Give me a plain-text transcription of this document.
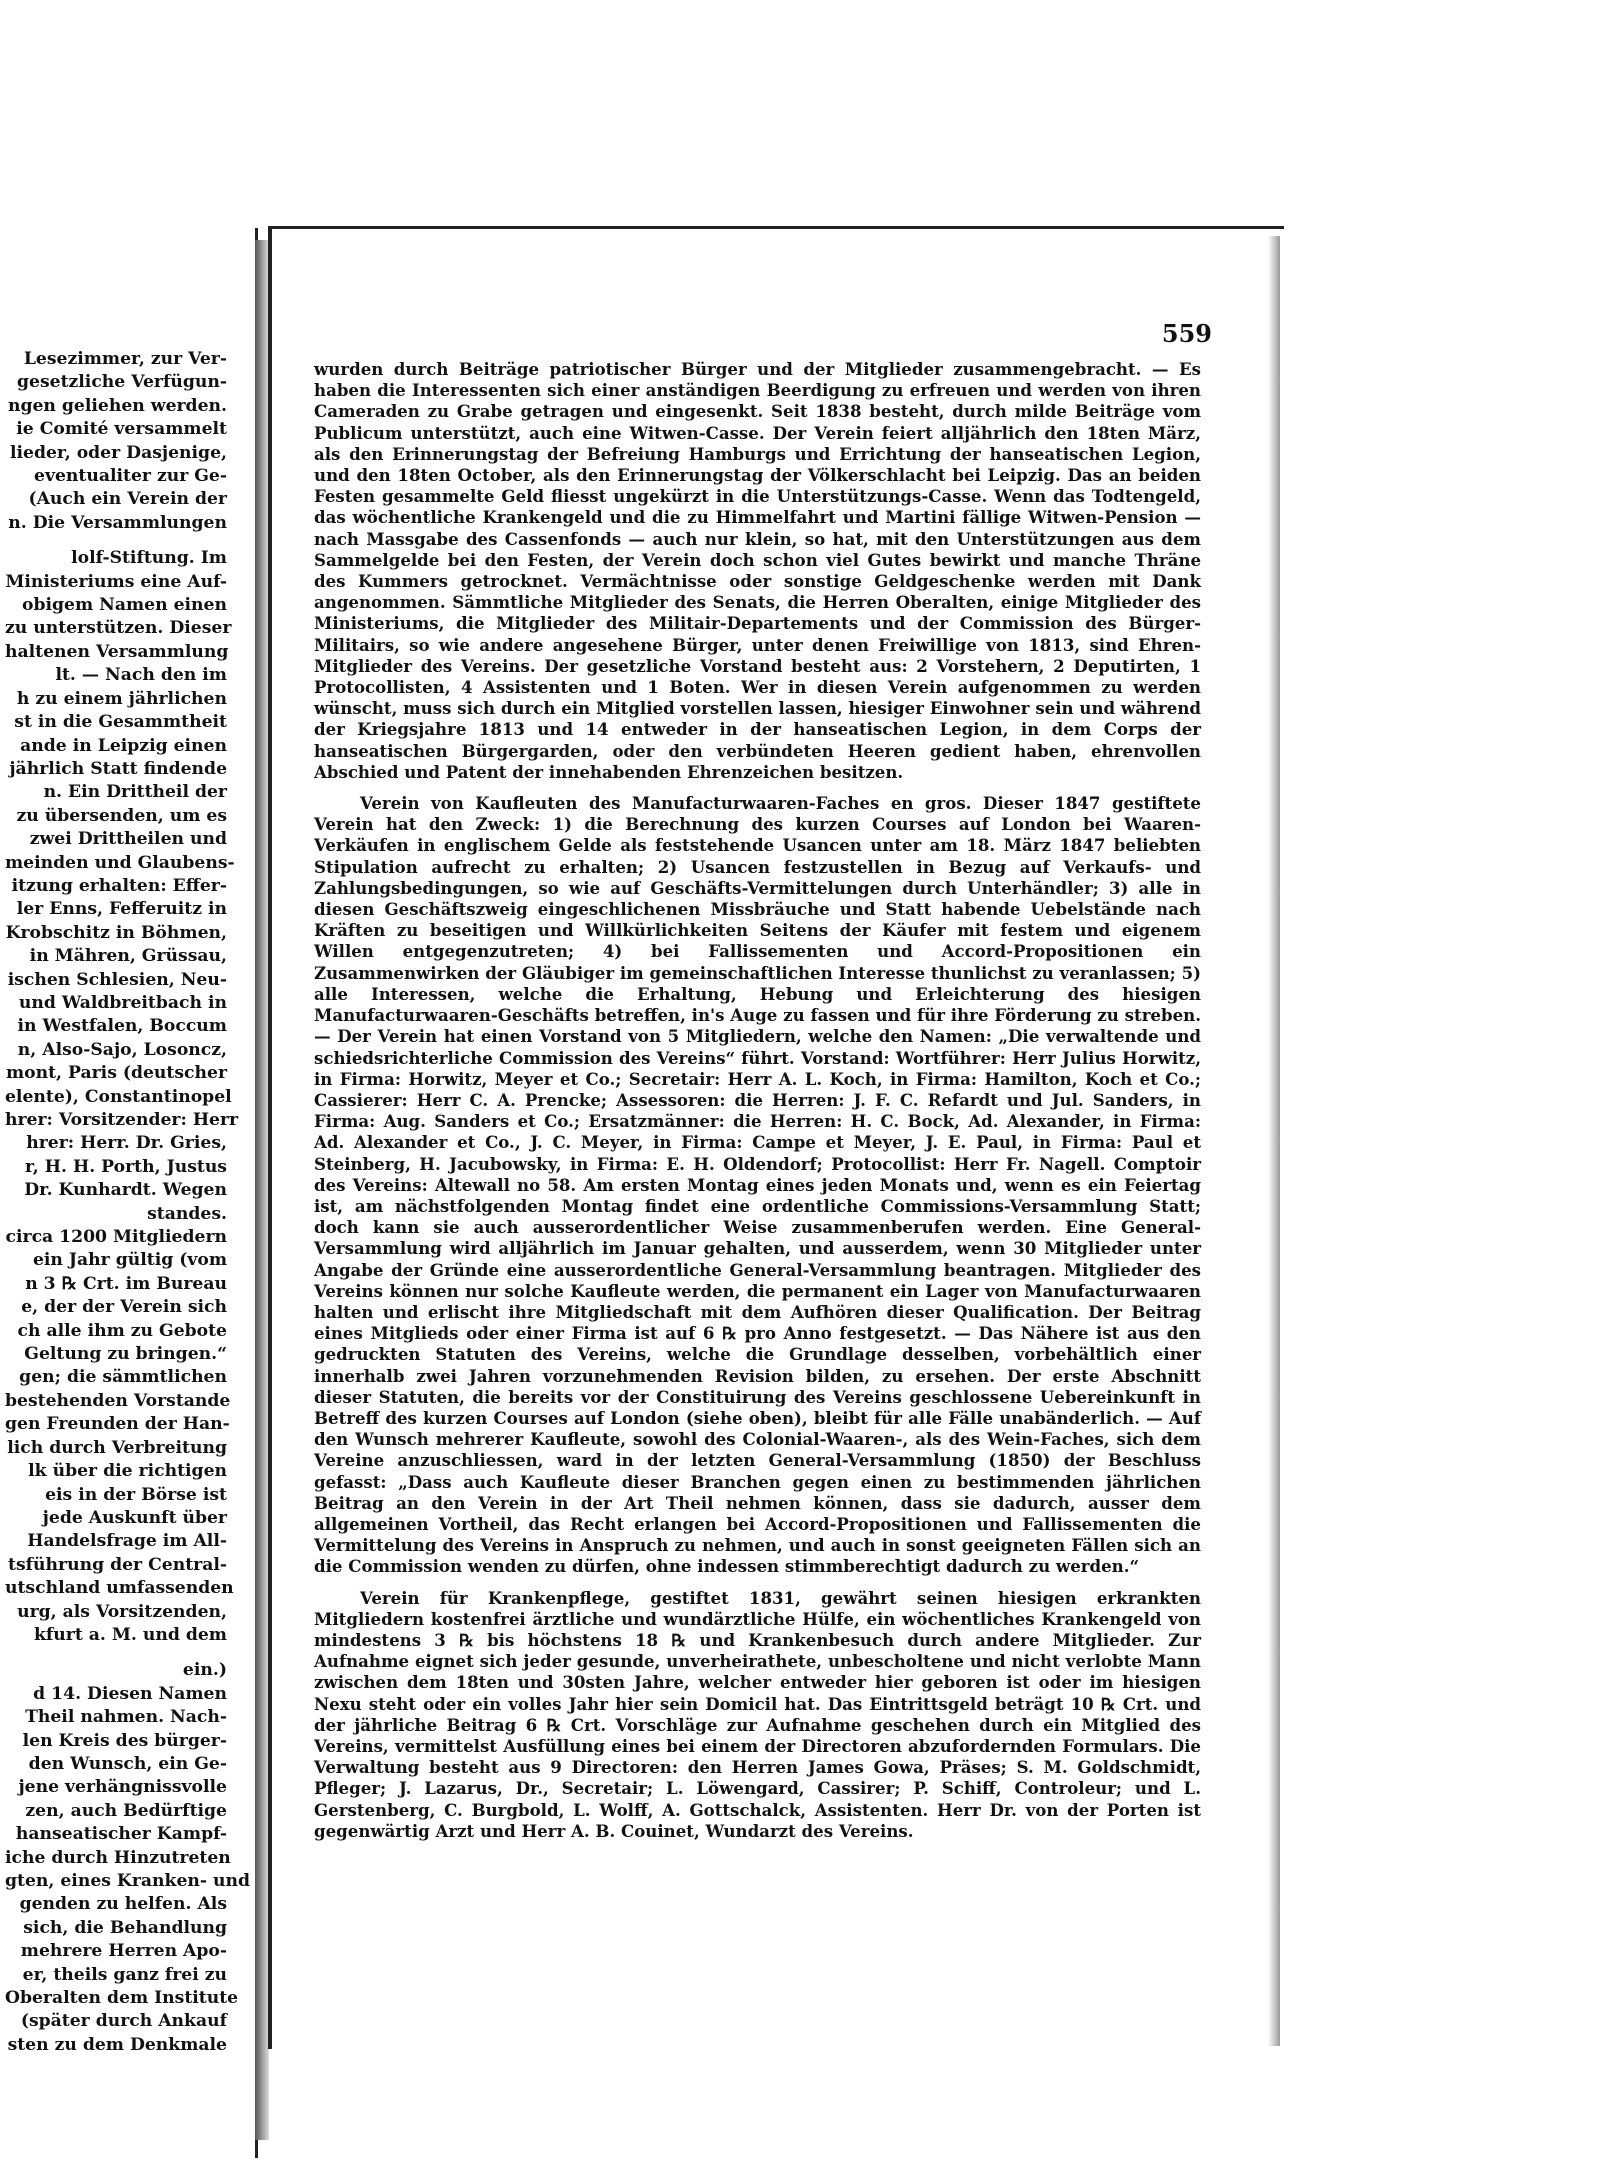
Lesezimmer, zur Ver-
gesetzliche Verfügun-
ngen geliehen werden.
ie Comité versammelt
lieder, oder Dasjenige,
eventualiter zur Ge-
(Auch ein Verein der
n. Die Versammlungen
lolf-Stiftung. Im
Ministeriums eine Auf-
obigem Namen einen
zu unterstützen. Dieser
haltenen Versammlung
lt. — Nach den im
h zu einem jährlichen
st in die Gesammtheit
ande in Leipzig einen
jährlich Statt findende
n. Ein Drittheil der
zu übersenden, um es
zwei Drittheilen und
meinden und Glaubens-
itzung erhalten: Effer-
ler Enns, Fefferuitz in
Krobschitz in Böhmen,
in Mähren, Grüssau,
ischen Schlesien, Neu-
und Waldbreitbach in
in Westfalen, Boccum
n, Also-Sajo, Losoncz,
mont, Paris (deutscher
elente), Constantinopel
hrer: Vorsitzender: Herr
hrer: Herr. Dr. Gries,
r, H. H. Porth, Justus
Dr. Kunhardt. Wegen
standes.
circa 1200 Mitgliedern
ein Jahr gültig (vom
n 3 ℞ Crt. im Bureau
e, der der Verein sich
ch alle ihm zu Gebote
Geltung zu bringen.“
gen; die sämmtlichen
bestehenden Vorstande
gen Freunden der Han-
lich durch Verbreitung
lk über die richtigen
eis in der Börse ist
jede Auskunft über
Handelsfrage im All-
tsführung der Central-
utschland umfassenden
urg, als Vorsitzenden,
kfurt a. M. und dem
ein.)
d 14. Diesen Namen
Theil nahmen. Nach-
len Kreis des bürger-
den Wunsch, ein Ge-
jene verhängnissvolle
zen, auch Bedürftige
hanseatischer Kampf-
iche durch Hinzutreten
gten, eines Kranken- und
genden zu helfen. Als
sich, die Behandlung
mehrere Herren Apo-
er, theils ganz frei zu
Oberalten dem Institute
(später durch Ankauf
sten zu dem Denkmale
559

wurden durch Beiträge patriotischer Bürger und der Mitglieder zusammengebracht. — Es haben die Interessenten sich einer anständigen Beerdigung zu erfreuen und werden von ihren Cameraden zu Grabe getragen und eingesenkt. Seit 1838 besteht, durch milde Beiträge vom Publicum unterstützt, auch eine Witwen-Casse. Der Verein feiert alljährlich den 18ten März, als den Erinnerungstag der Befreiung Hamburgs und Errichtung der hanseatischen Legion, und den 18ten October, als den Erinnerungstag der Völkerschlacht bei Leipzig. Das an beiden Festen gesammelte Geld fliesst ungekürzt in die Unterstützungs-Casse. Wenn das Todtengeld, das wöchentliche Krankengeld und die zu Himmelfahrt und Martini fällige Witwen-Pension — nach Massgabe des Cassenfonds — auch nur klein, so hat, mit den Unterstützungen aus dem Sammelgelde bei den Festen, der Verein doch schon viel Gutes bewirkt und manche Thräne des Kummers getrocknet. Vermächtnisse oder sonstige Geldgeschenke werden mit Dank angenommen. Sämmtliche Mitglieder des Senats, die Herren Oberalten, einige Mitglieder des Ministeriums, die Mitglieder des Militair-Departements und der Commission des Bürger-Militairs, so wie andere angesehene Bürger, unter denen Freiwillige von 1813, sind Ehren-Mitglieder des Vereins. Der gesetzliche Vorstand besteht aus: 2 Vorstehern, 2 Deputirten, 1 Protocollisten, 4 Assistenten und 1 Boten. Wer in diesen Verein aufgenommen zu werden wünscht, muss sich durch ein Mitglied vorstellen lassen, hiesiger Einwohner sein und während der Kriegsjahre 1813 und 14 entweder in der hanseatischen Legion, in dem Corps der hanseatischen Bürgergarden, oder den verbündeten Heeren gedient haben, ehrenvollen Abschied und Patent der innehabenden Ehrenzeichen besitzen.

Verein von Kaufleuten des Manufacturwaaren-Faches en gros. Dieser 1847 gestiftete Verein hat den Zweck: 1) die Berechnung des kurzen Courses auf London bei Waaren-Verkäufen in englischem Gelde als feststehende Usancen unter am 18. März 1847 beliebten Stipulation aufrecht zu erhalten; 2) Usancen festzustellen in Bezug auf Verkaufs- und Zahlungsbedingungen, so wie auf Geschäfts-Vermittelungen durch Unterhändler; 3) alle in diesen Geschäftszweig eingeschlichenen Missbräuche und Statt habende Uebelstände nach Kräften zu beseitigen und Willkürlichkeiten Seitens der Käufer mit festem und eigenem Willen entgegenzutreten; 4) bei Fallissementen und Accord-Propositionen ein Zusammenwirken der Gläubiger im gemeinschaftlichen Interesse thunlichst zu veranlassen; 5) alle Interessen, welche die Erhaltung, Hebung und Erleichterung des hiesigen Manufacturwaaren-Geschäfts betreffen, in's Auge zu fassen und für ihre Förderung zu streben. — Der Verein hat einen Vorstand von 5 Mitgliedern, welche den Namen: „Die verwaltende und schiedsrichterliche Commission des Vereins“ führt. Vorstand: Wortführer: Herr Julius Horwitz, in Firma: Horwitz, Meyer et Co.; Secretair: Herr A. L. Koch, in Firma: Hamilton, Koch et Co.; Cassierer: Herr C. A. Prencke; Assessoren: die Herren: J. F. C. Refardt und Jul. Sanders, in Firma: Aug. Sanders et Co.; Ersatzmänner: die Herren: H. C. Bock, Ad. Alexander, in Firma: Ad. Alexander et Co., J. C. Meyer, in Firma: Campe et Meyer, J. E. Paul, in Firma: Paul et Steinberg, H. Jacubowsky, in Firma: E. H. Oldendorf; Protocollist: Herr Fr. Nagell. Comptoir des Vereins: Altewall no 58. Am ersten Montag eines jeden Monats und, wenn es ein Feiertag ist, am nächstfolgenden Montag findet eine ordentliche Commissions-Versammlung Statt; doch kann sie auch ausserordentlicher Weise zusammenberufen werden. Eine General-Versammlung wird alljährlich im Januar gehalten, und ausserdem, wenn 30 Mitglieder unter Angabe der Gründe eine ausserordentliche General-Versammlung beantragen. Mitglieder des Vereins können nur solche Kaufleute werden, die permanent ein Lager von Manufacturwaaren halten und erlischt ihre Mitgliedschaft mit dem Aufhören dieser Qualification. Der Beitrag eines Mitglieds oder einer Firma ist auf 6 ℞ pro Anno festgesetzt. — Das Nähere ist aus den gedruckten Statuten des Vereins, welche die Grundlage desselben, vorbehältlich einer innerhalb zwei Jahren vorzunehmenden Revision bilden, zu ersehen. Der erste Abschnitt dieser Statuten, die bereits vor der Constituirung des Vereins geschlossene Uebereinkunft in Betreff des kurzen Courses auf London (siehe oben), bleibt für alle Fälle unabänderlich. — Auf den Wunsch mehrerer Kaufleute, sowohl des Colonial-Waaren-, als des Wein-Faches, sich dem Vereine anzuschliessen, ward in der letzten General-Versammlung (1850) der Beschluss gefasst: „Dass auch Kaufleute dieser Branchen gegen einen zu bestimmenden jährlichen Beitrag an den Verein in der Art Theil nehmen können, dass sie dadurch, ausser dem allgemeinen Vortheil, das Recht erlangen bei Accord-Propositionen und Fallissementen die Vermittelung des Vereins in Anspruch zu nehmen, und auch in sonst geeigneten Fällen sich an die Commission wenden zu dürfen, ohne indessen stimmberechtigt dadurch zu werden.“

Verein für Krankenpflege, gestiftet 1831, gewährt seinen hiesigen erkrankten Mitgliedern kostenfrei ärztliche und wundärztliche Hülfe, ein wöchentliches Krankengeld von mindestens 3 ℞ bis höchstens 18 ℞ und Krankenbesuch durch andere Mitglieder. Zur Aufnahme eignet sich jeder gesunde, unverheirathete, unbescholtene und nicht verlobte Mann zwischen dem 18ten und 30sten Jahre, welcher entweder hier geboren ist oder im hiesigen Nexu steht oder ein volles Jahr hier sein Domicil hat. Das Eintrittsgeld beträgt 10 ℞ Crt. und der jährliche Beitrag 6 ℞ Crt. Vorschläge zur Aufnahme geschehen durch ein Mitglied des Vereins, vermittelst Ausfüllung eines bei einem der Directoren abzufordernden Formulars. Die Verwaltung besteht aus 9 Directoren: den Herren James Gowa, Präses; S. M. Goldschmidt, Pfleger; J. Lazarus, Dr., Secretair; L. Löwengard, Cassirer; P. Schiff, Controleur; und L. Gerstenberg, C. Burgbold, L. Wolff, A. Gottschalck, Assistenten. Herr Dr. von der Porten ist gegenwärtig Arzt und Herr A. B. Couinet, Wundarzt des Vereins.
